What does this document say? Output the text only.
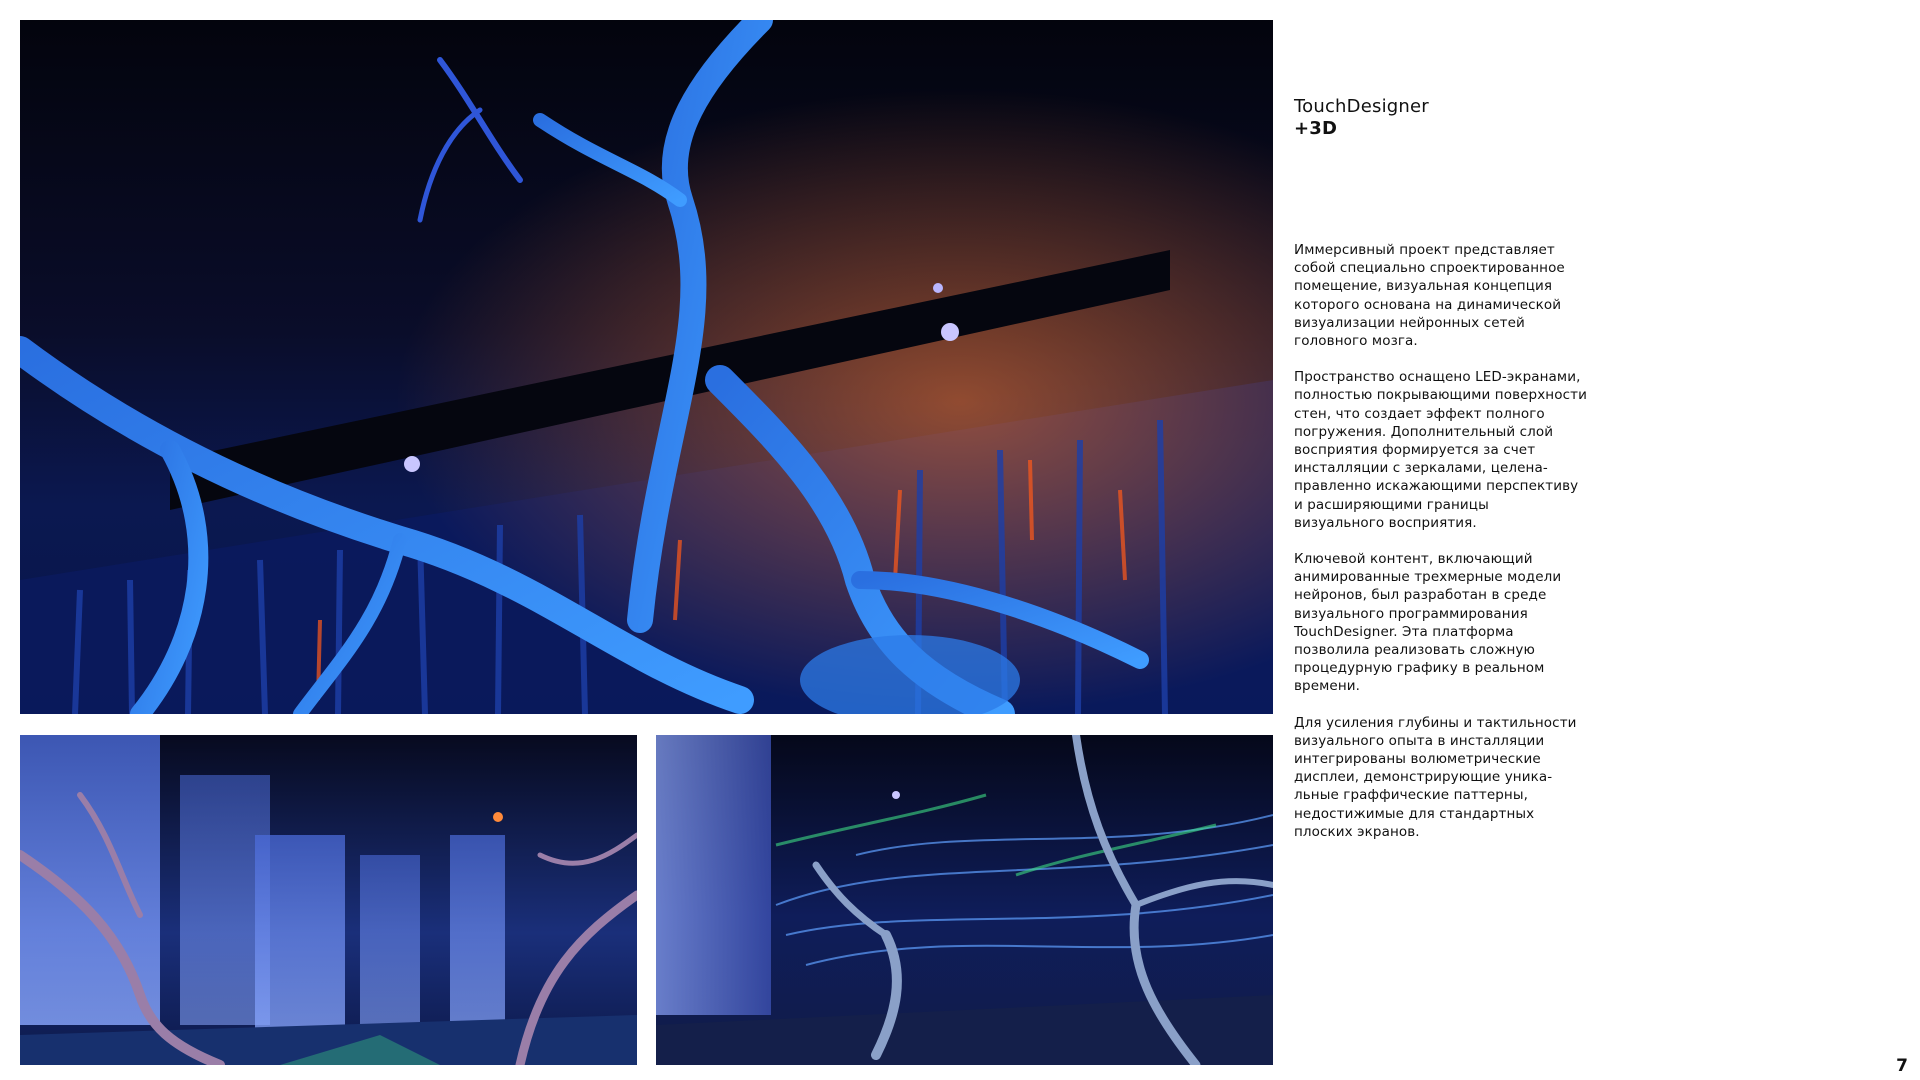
TouchDesigner
+3D

Иммерсивный проект представляет
собой специально спроектированное
помещение, визуальная концепция
которого основана на динамической
визуализации нейронных сетей
головного мозга.

Пространство оснащено LED-экранами,
полностью покрывающими поверхности
стен, что создает эффект полного
погружения. Дополнительный слой
восприятия формируется за счет
инсталляции с зеркалами, целена-
правленно искажающими перспективу
и расширяющими границы
визуального восприятия.

Ключевой контент, включающий
анимированные трехмерные модели
нейронов, был разработан в среде
визуального программирования
TouchDesigner. Эта платформа
позволила реализовать сложную
процедурную графику в реальном
времени.

Для усиления глубины и тактильности
визуального опыта в инсталляции
интегрированы волюметрические
дисплеи, демонстрирующие уника-
льные граффические паттерны,
недостижимые для стандартных
плоских экранов.

7
